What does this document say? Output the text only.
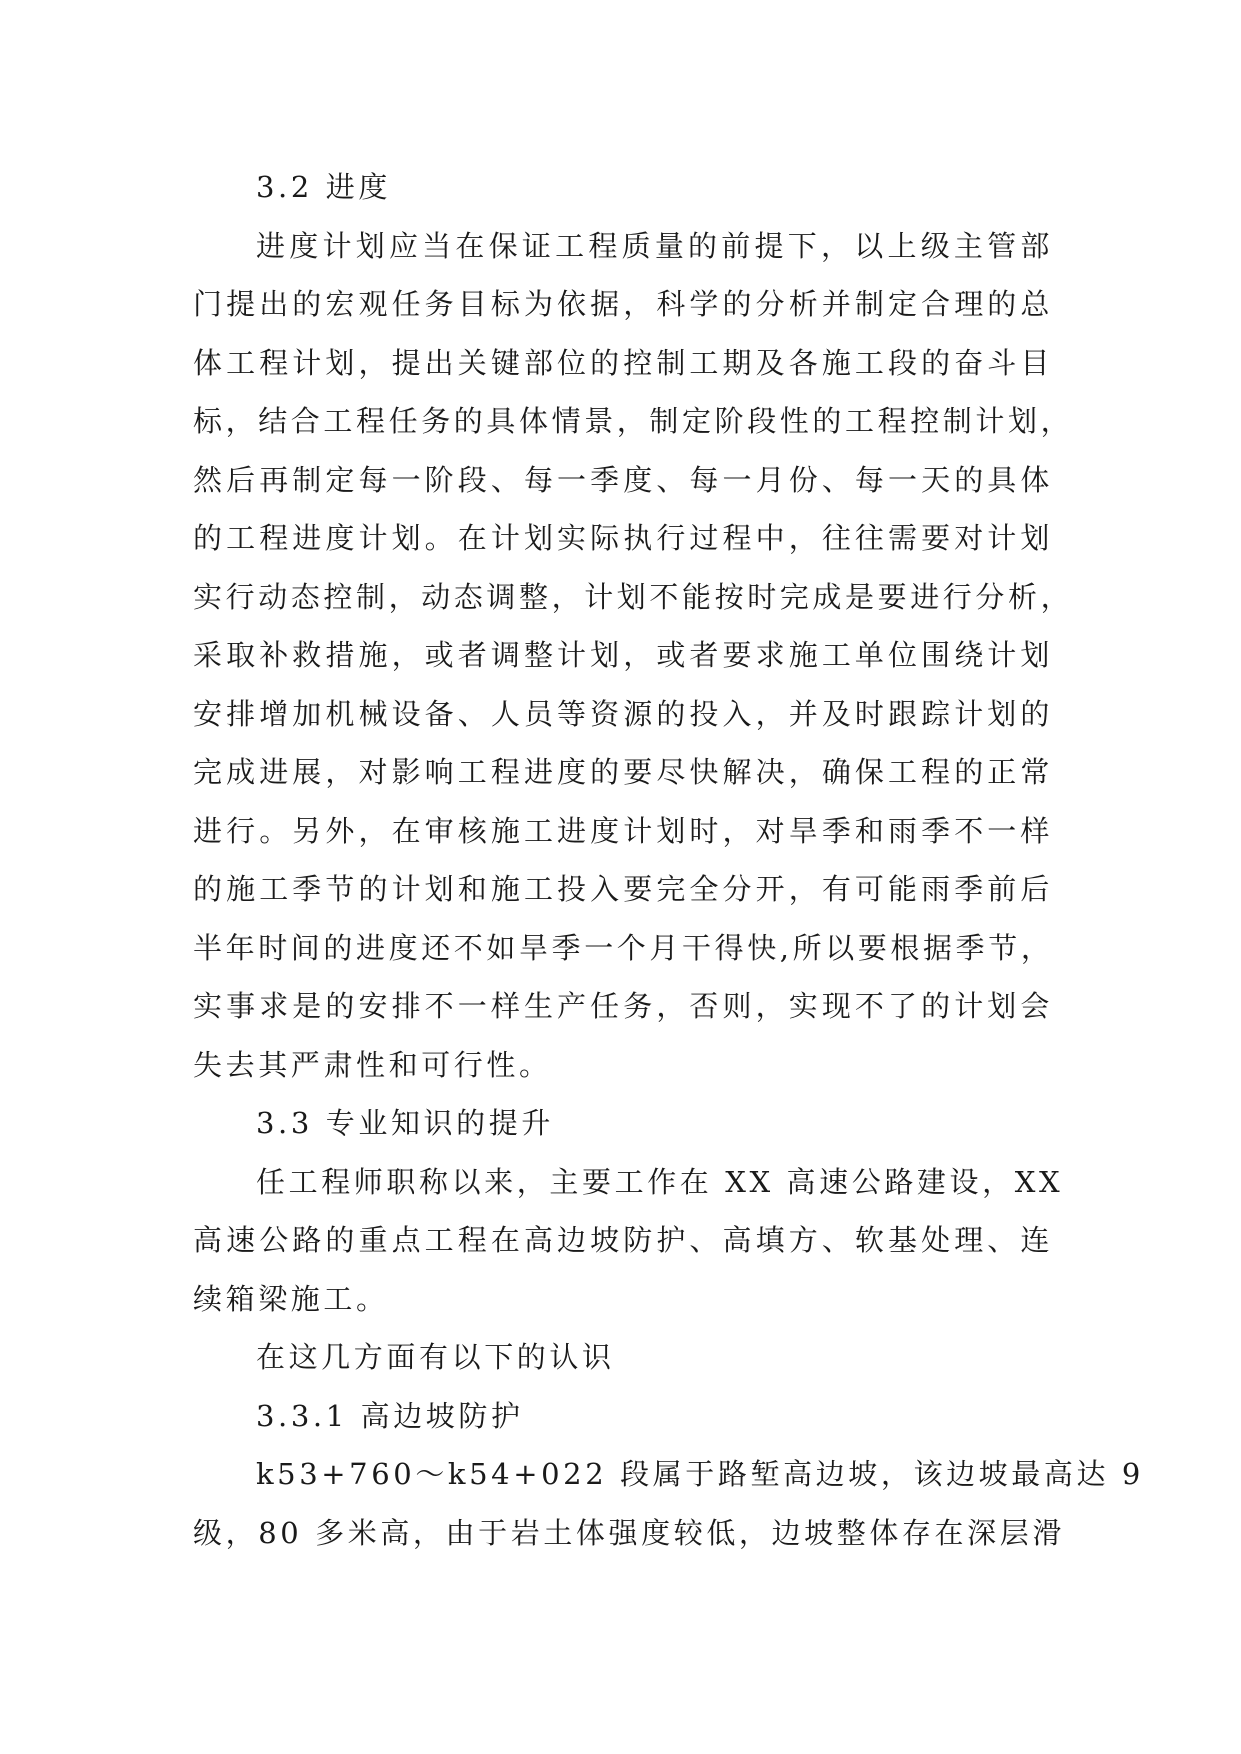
3.2 进度
进度计划应当在保证工程质量的前提下，以上级主管部
门提出的宏观任务目标为依据，科学的分析并制定合理的总
体工程计划，提出关键部位的控制工期及各施工段的奋斗目
标，结合工程任务的具体情景，制定阶段性的工程控制计划，
然后再制定每一阶段、每一季度、每一月份、每一天的具体
的工程进度计划。在计划实际执行过程中，往往需要对计划
实行动态控制，动态调整，计划不能按时完成是要进行分析，
采取补救措施，或者调整计划，或者要求施工单位围绕计划
安排增加机械设备、人员等资源的投入，并及时跟踪计划的
完成进展，对影响工程进度的要尽快解决，确保工程的正常
进行。另外，在审核施工进度计划时，对旱季和雨季不一样
的施工季节的计划和施工投入要完全分开，有可能雨季前后
半年时间的进度还不如旱季一个月干得快,所以要根据季节，
实事求是的安排不一样生产任务，否则，实现不了的计划会
失去其严肃性和可行性。
3.3 专业知识的提升
任工程师职称以来，主要工作在 XX 高速公路建设，XX
高速公路的重点工程在高边坡防护、高填方、软基处理、连
续箱梁施工。
在这几方面有以下的认识
3.3.1 高边坡防护
k53+760～k54+022 段属于路堑高边坡，该边坡最高达 9
级，80 多米高，由于岩土体强度较低，边坡整体存在深层滑
